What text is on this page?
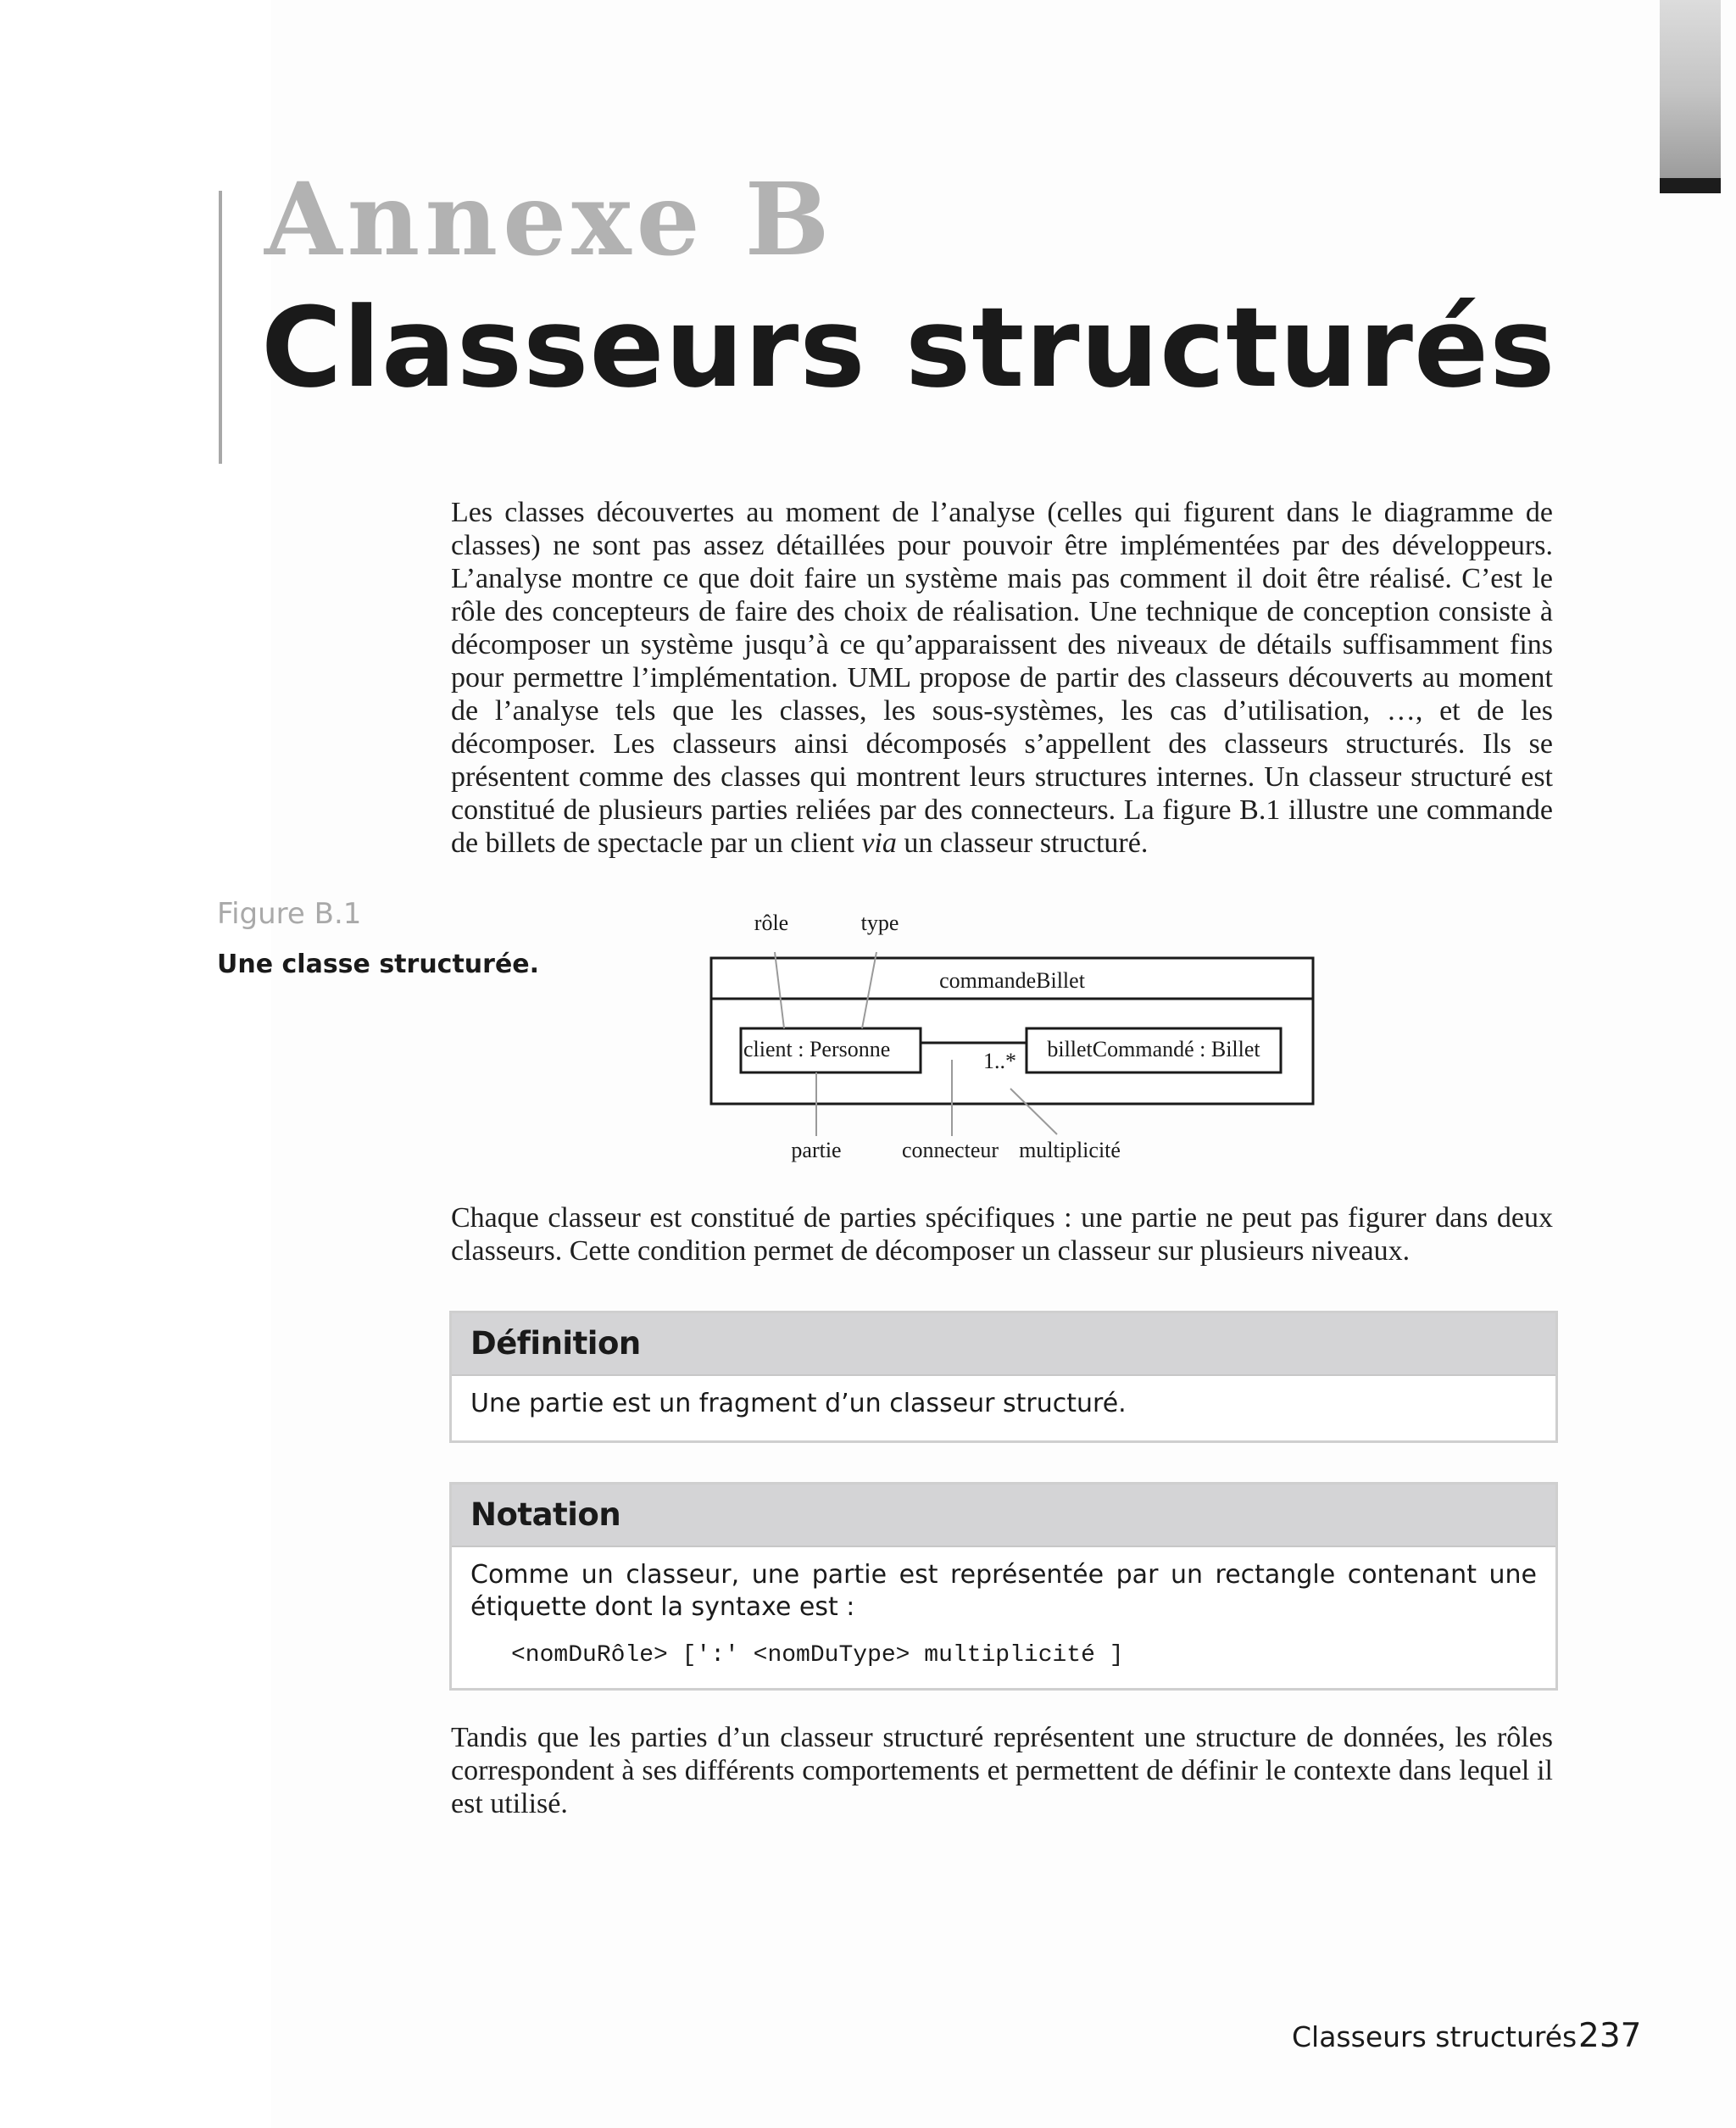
Annexe B
Classeurs structurés

Les classes découvertes au moment de l’analyse (celles qui figurent dans le diagramme de classes) ne sont pas assez détaillées pour pouvoir être implémentées par des développeurs. L’analyse montre ce que doit faire un système mais pas comment il doit être réalisé. C’est le rôle des concepteurs de faire des choix de réalisation. Une technique de conception consiste à décomposer un système jusqu’à ce qu’apparaissent des niveaux de détails suffisamment fins pour permettre l’implémentation. UML propose de partir des classeurs découverts au moment de l’analyse tels que les classes, les sous-systèmes, les cas d’utilisation, …, et de les décomposer. Les classeurs ainsi décomposés s’appellent des classeurs structurés. Ils se présentent comme des classes qui montrent leurs structures internes. Un classeur structuré est constitué de plusieurs parties reliées par des connecteurs. La figure B.1 illustre une commande de billets de spectacle par un client via un classeur structuré.

Figure B.1
Une classe structurée.
commandeBillet
client : Personne	billetCommandé : Billet
1..*
rôle	type
partie	connecteur multiplicité

Chaque classeur est constitué de parties spécifiques : une partie ne peut pas figurer dans deux classeurs. Cette condition permet de décomposer un classeur sur plusieurs niveaux.

Définition
Une partie est un fragment d’un classeur structuré.
Notation
Comme un classeur, une partie est représentée par un rectangle contenant une étiquette dont la syntaxe est :
<nomDuRôle> [':' <nomDuType> multiplicité ]

Tandis que les parties d’un classeur structuré représentent une structure de données, les rôles correspondent à ses différents comportements et permettent de définir le contexte dans lequel il est utilisé.

Classeurs structurés 237
